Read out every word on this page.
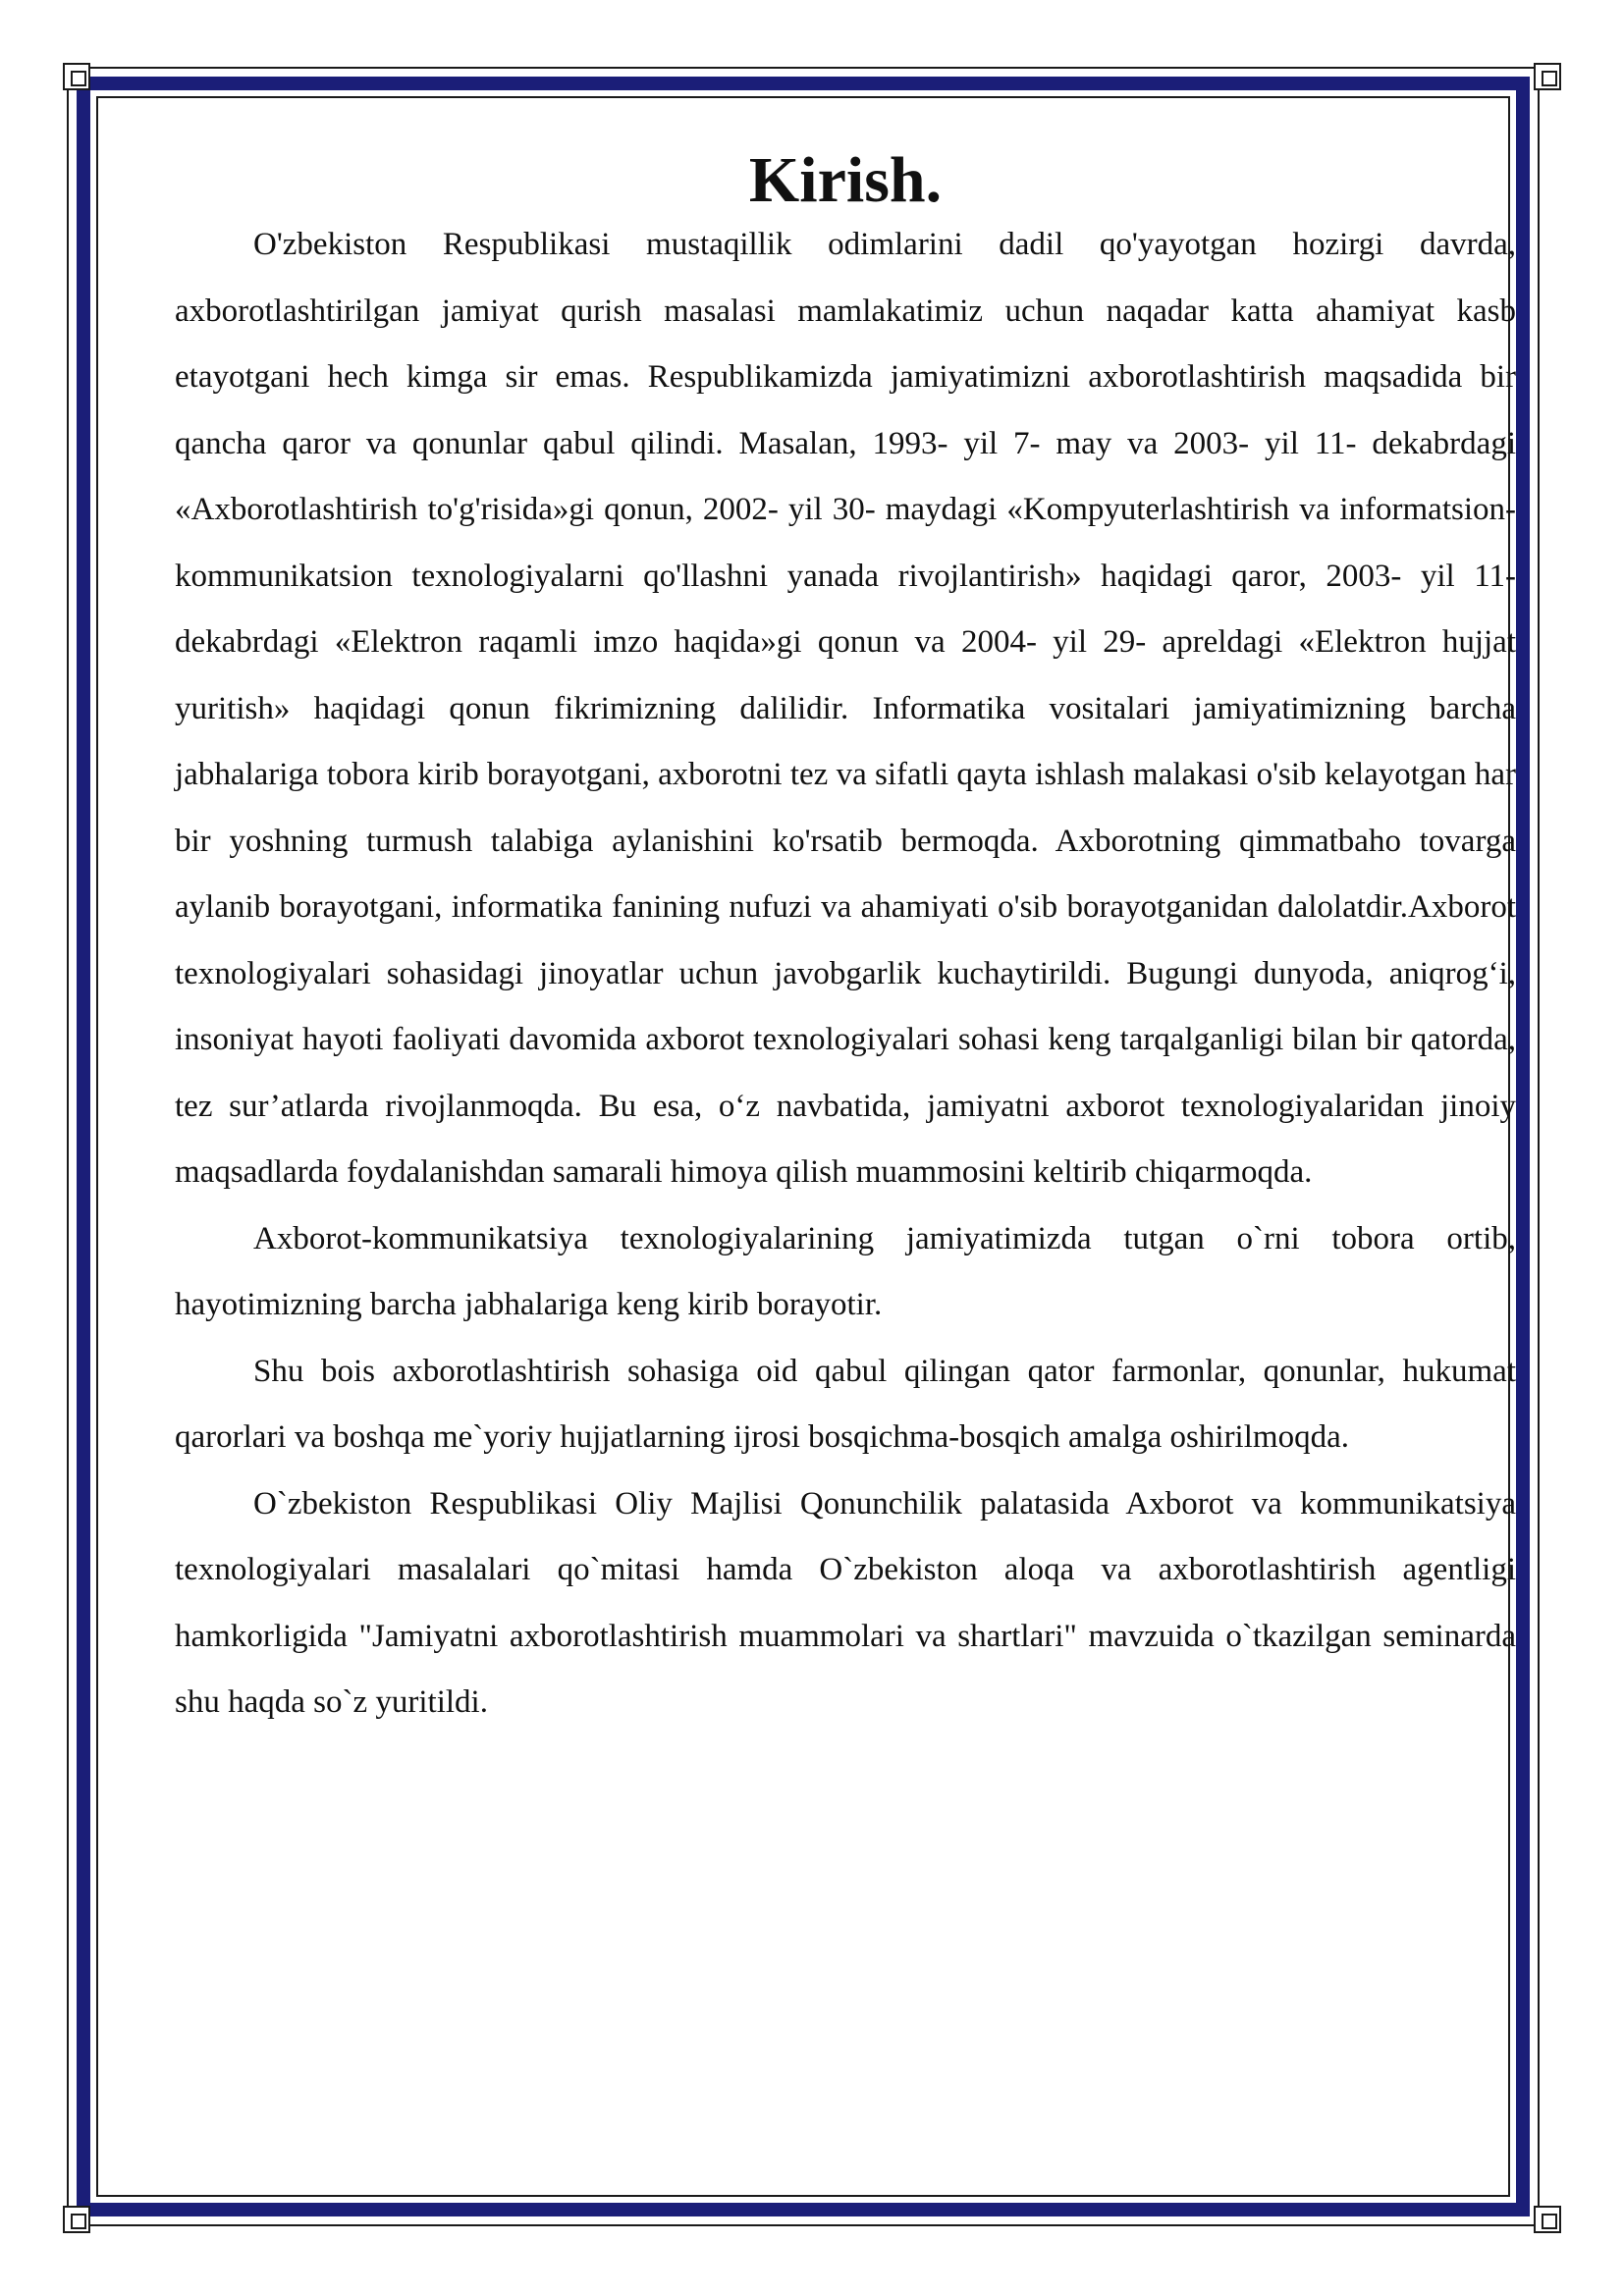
Kirish.

O'zbekiston Respublikasi mustaqillik odimlarini dadil qo'yayotgan hozirgi davrda, axborotlashtirilgan jamiyat qurish masalasi mamlakatimiz uchun naqadar katta ahamiyat kasb etayotgani hech kimga sir emas. Respublikamizda jamiyatimizni axborotlashtirish maqsadida bir qancha qaror va qonunlar qabul qilindi. Masalan, 1993- yil 7- may va 2003- yil 11- dekabrdagi «Axborotlashtirish to'g'risida»gi qonun, 2002- yil 30- maydagi «Kompyuterlashtirish va informatsion-kommunikatsion texnologiyalarni qo'llashni yanada rivojlantirish» haqidagi qaror, 2003- yil 11- dekabrdagi «Elektron raqamli imzo haqida»gi qonun va 2004- yil 29- apreldagi «Elektron hujjat yuritish» haqidagi qonun fikrimizning dalilidir. Informatika vositalari jamiyatimizning barcha jabhalariga tobora kirib borayotgani, axborotni tez va sifatli qayta ishlash malakasi o'sib kelayotgan har bir yoshning turmush talabiga aylanishini ko'rsatib bermoqda. Axborotning qimmatbaho tovarga aylanib borayotgani, informatika fanining nufuzi va ahamiyati o'sib borayotganidan dalolatdir.Axborot texnologiyalari sohasidagi jinoyatlar uchun javobgarlik kuchaytirildi. Bugungi dunyoda, aniqrog‘i, insoniyat hayoti faoliyati davomida axborot texnologiyalari sohasi keng tarqalganligi bilan bir qatorda, tez sur’atlarda rivojlanmoqda. Bu esa, o‘z navbatida, jamiyatni axborot texnologiyalaridan jinoiy maqsadlarda foydalanishdan samarali himoya qilish muammosini keltirib chiqarmoqda.

Axborot-kommunikatsiya texnologiyalarining jamiyatimizda tutgan o`rni tobora ortib, hayotimizning barcha jabhalariga keng kirib borayotir.

Shu bois axborotlashtirish sohasiga oid qabul qilingan qator farmonlar, qonunlar, hukumat qarorlari va boshqa me`yoriy hujjatlarning ijrosi bosqichma-bosqich amalga oshirilmoqda.

O`zbekiston Respublikasi Oliy Majlisi Qonunchilik palatasida Axborot va kommunikatsiya texnologiyalari masalalari qo`mitasi hamda O`zbekiston aloqa va axborotlashtirish agentligi hamkorligida "Jamiyatni axborotlashtirish muammolari va shartlari" mavzuida o`tkazilgan seminarda shu haqda so`z yuritildi.
